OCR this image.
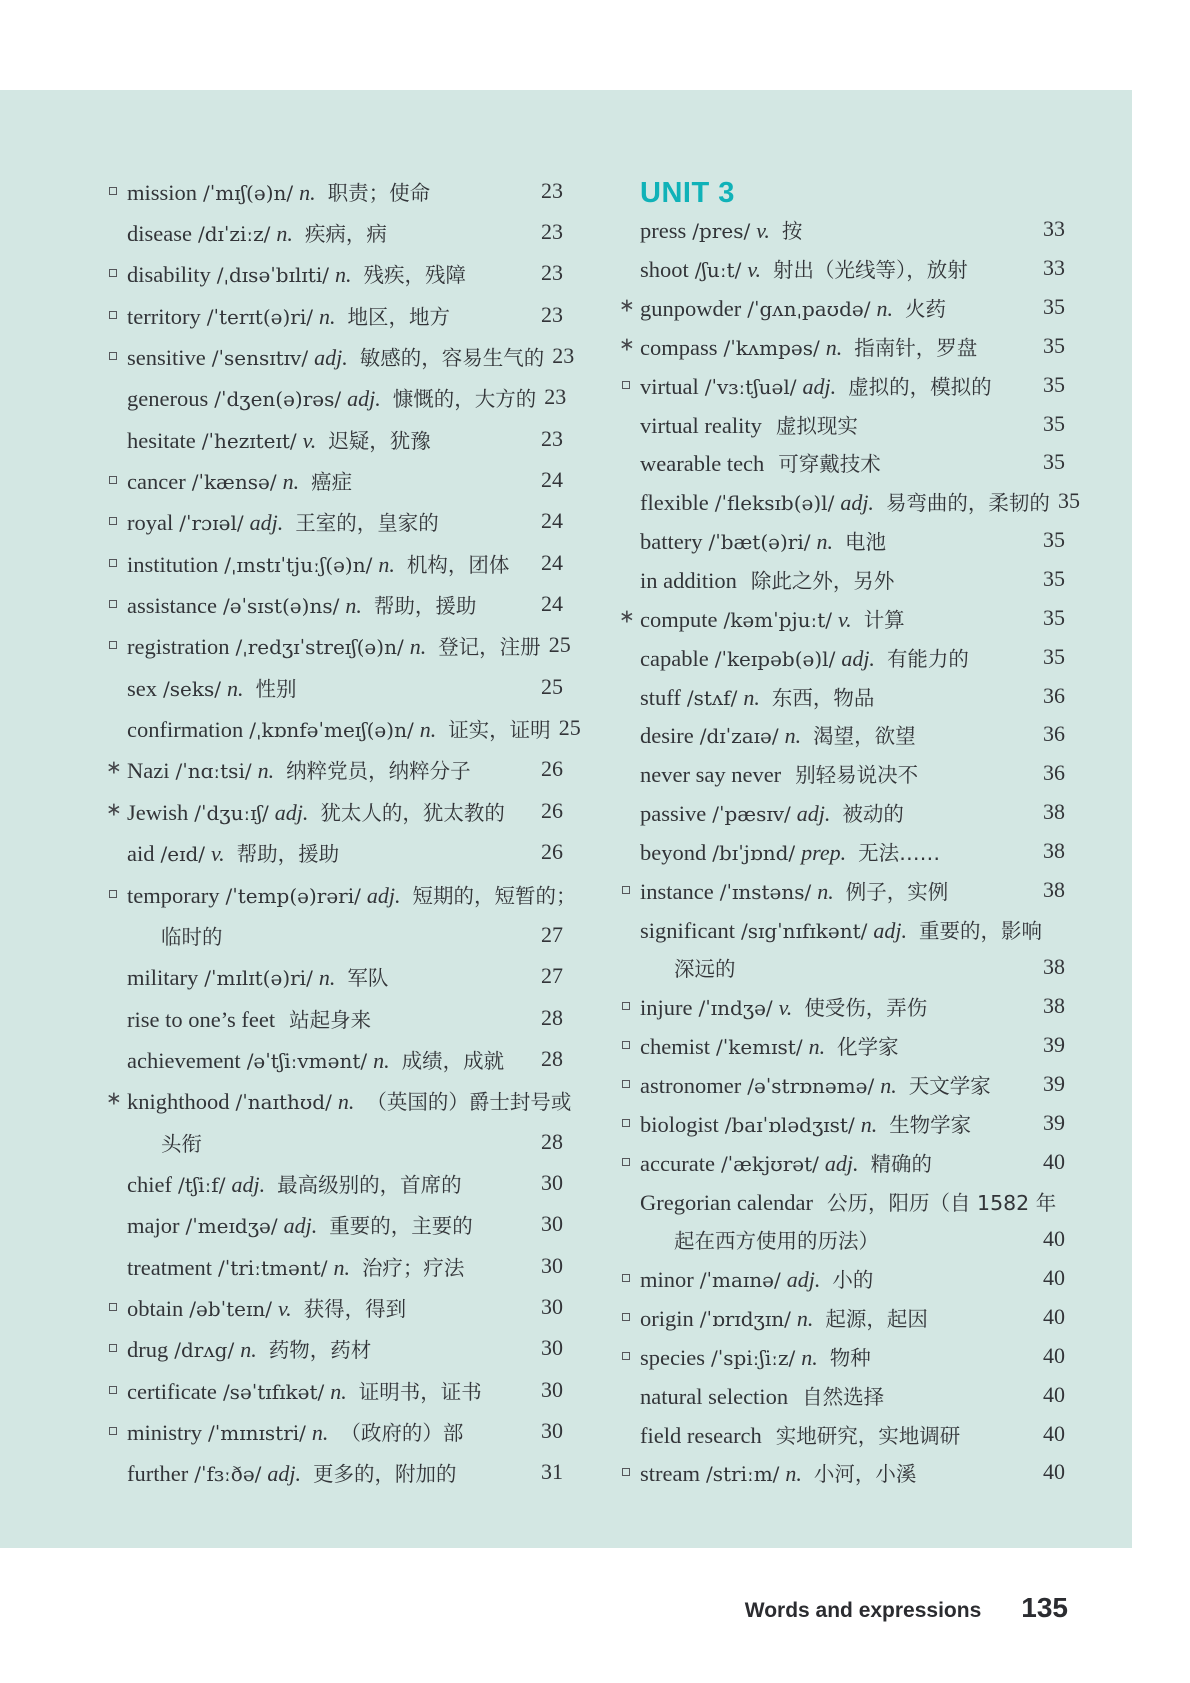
mission /ˈmɪʃ(ə)n/ n. 职责；使命	23
disease /dɪˈziːz/ n. 疾病，病	23
disability /ˌdɪsəˈbɪlɪti/ n. 残疾，残障	23
territory /ˈterɪt(ə)ri/ n. 地区，地方	23
sensitive /ˈsensɪtɪv/ adj. 敏感的，容易生气的 23
generous /ˈdʒen(ə)rəs/ adj. 慷慨的，大方的 23
hesitate /ˈhezɪteɪt/ v. 迟疑，犹豫	23
cancer /ˈkænsə/ n. 癌症	24
royal /ˈrɔɪəl/ adj. 王室的，皇家的	24
institution /ˌɪnstɪˈtjuːʃ(ə)n/ n. 机构，团体	24
assistance /əˈsɪst(ə)ns/ n. 帮助，援助	24
registration /ˌredʒɪˈstreɪʃ(ə)n/ n. 登记，注册 25
sex /seks/ n. 性别	25
confirmation /ˌkɒnfəˈmeɪʃ(ə)n/ n. 证实，证明 25
∗ Nazi /ˈnɑːtsi/ n. 纳粹党员，纳粹分子	26
∗ Jewish /ˈdʒuːɪʃ/ adj. 犹太人的，犹太教的	26
aid /eɪd/ v. 帮助，援助	26
temporary /ˈtemp(ə)rəri/ adj. 短期的，短暂的；
临时的	27
military /ˈmɪlɪt(ə)ri/ n. 军队	27
rise to one’s feet 站起身来	28
achievement /əˈtʃiːvmənt/ n. 成绩，成就	28
∗ knighthood /ˈnaɪthʊd/ n. （英国的）爵士封号或
头衔	28
chief /tʃiːf/ adj. 最高级别的，首席的	30
major /ˈmeɪdʒə/ adj. 重要的，主要的	30
treatment /ˈtriːtmənt/ n. 治疗；疗法	30
obtain /əbˈteɪn/ v. 获得，得到	30
drug /drʌg/ n. 药物，药材	30
certificate /səˈtɪfɪkət/ n. 证明书，证书	30
ministry /ˈmɪnɪstri/ n. （政府的）部	30
further /ˈfɜːðə/ adj. 更多的，附加的	31
UNIT 3
press /pres/ v. 按	33
shoot /ʃuːt/ v. 射出（光线等），放射	33
∗ gunpowder /ˈgʌnˌpaʊdə/ n. 火药	35
∗ compass /ˈkʌmpəs/ n. 指南针，罗盘	35
virtual /ˈvɜːtʃuəl/ adj. 虚拟的，模拟的	35
virtual reality 虚拟现实	35
wearable tech 可穿戴技术	35
flexible /ˈfleksɪb(ə)l/ adj. 易弯曲的，柔韧的 35
battery /ˈbæt(ə)ri/ n. 电池	35
in addition 除此之外，另外	35
∗ compute /kəmˈpjuːt/ v. 计算	35
capable /ˈkeɪpəb(ə)l/ adj. 有能力的	35
stuff /stʌf/ n. 东西，物品	36
desire /dɪˈzaɪə/ n. 渴望，欲望	36
never say never 别轻易说决不	36
passive /ˈpæsɪv/ adj. 被动的	38
beyond /bɪˈjɒnd/ prep. 无法……	38
instance /ˈɪnstəns/ n. 例子，实例	38
significant /sɪgˈnɪfɪkənt/ adj. 重要的，影响
深远的	38
injure /ˈɪndʒə/ v. 使受伤，弄伤	38
chemist /ˈkemɪst/ n. 化学家	39
astronomer /əˈstrɒnəmə/ n. 天文学家	39
biologist /baɪˈɒlədʒɪst/ n. 生物学家	39
accurate /ˈækjʊrət/ adj. 精确的	40
Gregorian calendar 公历，阳历（自 1582 年
起在西方使用的历法）	40
minor /ˈmaɪnə/ adj. 小的	40
origin /ˈɒrɪdʒɪn/ n. 起源，起因	40
species /ˈspiːʃiːz/ n. 物种	40
natural selection 自然选择	40
field research 实地研究，实地调研	40
stream /striːm/ n. 小河，小溪	40
Words and expressions 135
